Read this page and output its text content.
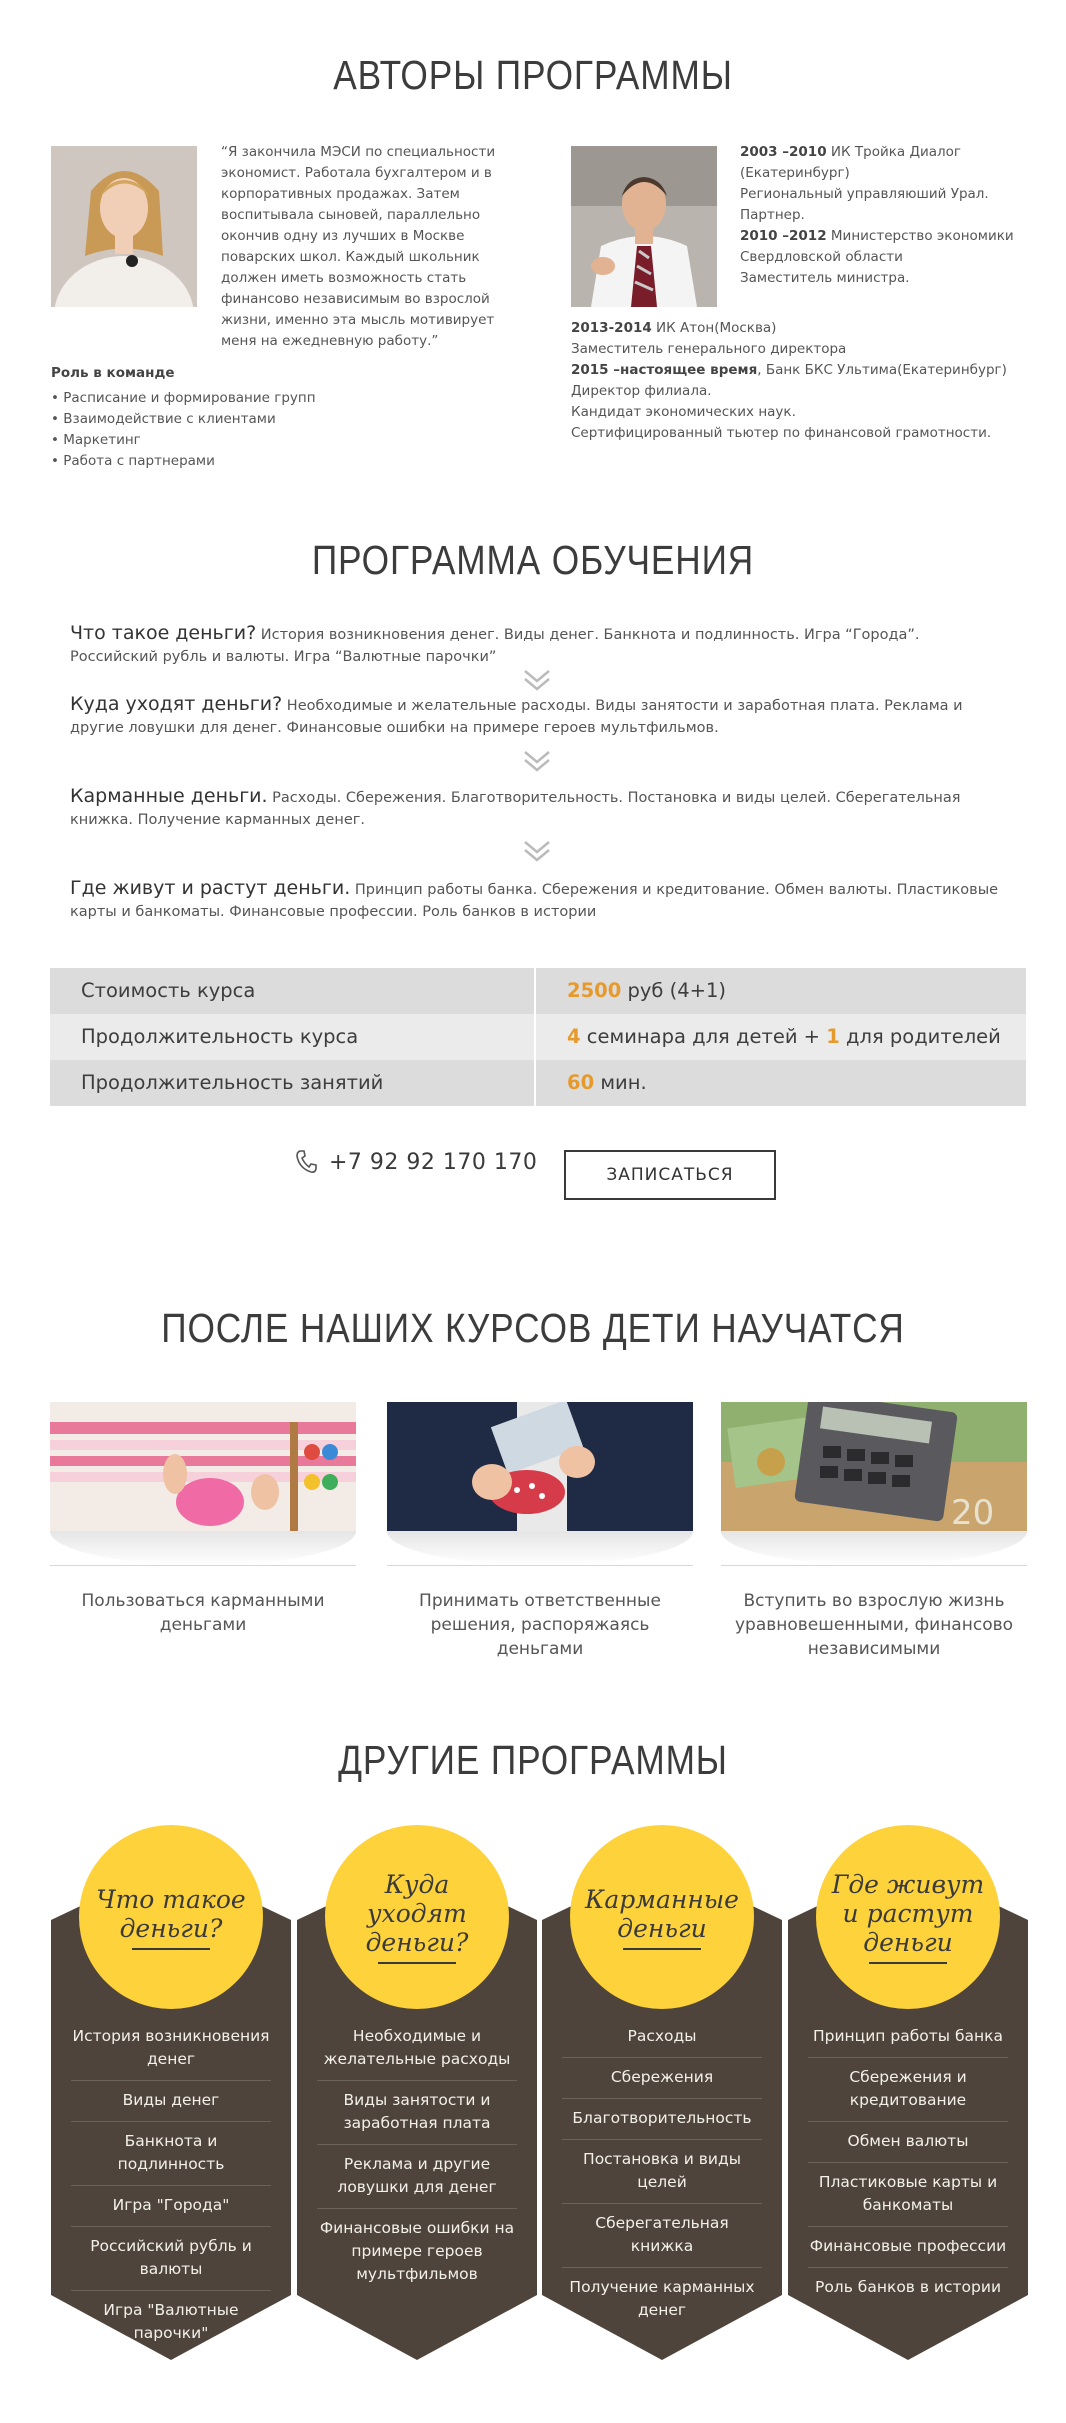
АВТОРЫ ПРОГРАММЫ
“Я закончила МЭСИ по специальности экономист. Работала бухгалтером и в корпоративных продажах. Затем воспитывала сыновей, параллельно окончив одну из лучших в Москве поварских школ. Каждый школьник должен иметь возможность стать финансово независимым во взрослой жизни, именно эта мысль мотивирует меня на ежедневную работу.”
Роль в команде
• Расписание и формирование групп
• Взаимодействие с клиентами
• Маркетинг
• Работа с партнерами
2003 –2010 ИК Тройка Диалог (Екатеринбург)
Региональный управляюший Урал. Партнер.
2010 –2012 Министерство экономики Свердловской области
Заместитель министра.
2013-2014 ИК Атон(Москва)
Заместитель генерального директора
2015 –настоящее время, Банк БКС Ультима(Екатеринбург)
Директор филиала.
Кандидат экономических наук.
Сертифицированный тьютер по финансовой грамотности.
ПРОГРАММА ОБУЧЕНИЯ
Что такое деньги? История возникновения денег. Виды денег. Банкнота и подлинность. Игра “Города”. Российский рубль и валюты. Игра “Валютные парочки”
Куда уходят деньги? Необходимые и желательные расходы. Виды занятости и заработная плата. Реклама и другие ловушки для денег. Финансовые ошибки на примере героев мультфильмов.
Карманные деньги. Расходы. Сбережения. Благотворительность. Постановка и виды целей. Сберегательная книжка. Получение карманных денег.
Где живут и растут деньги. Принцип работы банка. Сбережения и кредитование. Обмен валюты. Пластиковые карты и банкоматы. Финансовые профессии. Роль банков в истории
Стоимость курса	2500 руб (4+1)
Продолжительность курса	4 семинара для детей + 1 для родителей
Продолжительность занятий	60 мин.
+7 92 92 170 170
ЗАПИСАТЬСЯ
ПОСЛЕ НАШИХ КУРСОВ ДЕТИ НАУЧАТСЯ
Пользоваться карманными деньгами
Принимать ответственные решения, распоряжаясь деньгами
20
Вступить во взрослую жизнь уравновешенными, финансово независимыми
ДРУГИЕ ПРОГРАММЫ
Что такое
деньги?
История возникновения денег
Виды денег
Банкнота и подлинность
Игра "Города"
Российский рубль и валюты
Игра "Валютные парочки"
Куда
уходят
деньги?
Необходимые и желательные расходы
Виды занятости и заработная плата
Реклама и другие ловушки для денег
Финансовые ошибки на примере героев мультфильмов
Карманные
деньги
Расходы
Сбережения
Благотворительность
Постановка и виды целей
Сберегательная книжка
Получение карманных денег
Где живут
и растут
деньги
Принцип работы банка
Сбережения и кредитование
Обмен валюты
Пластиковые карты и банкоматы
Финансовые профессии
Роль банков в истории
